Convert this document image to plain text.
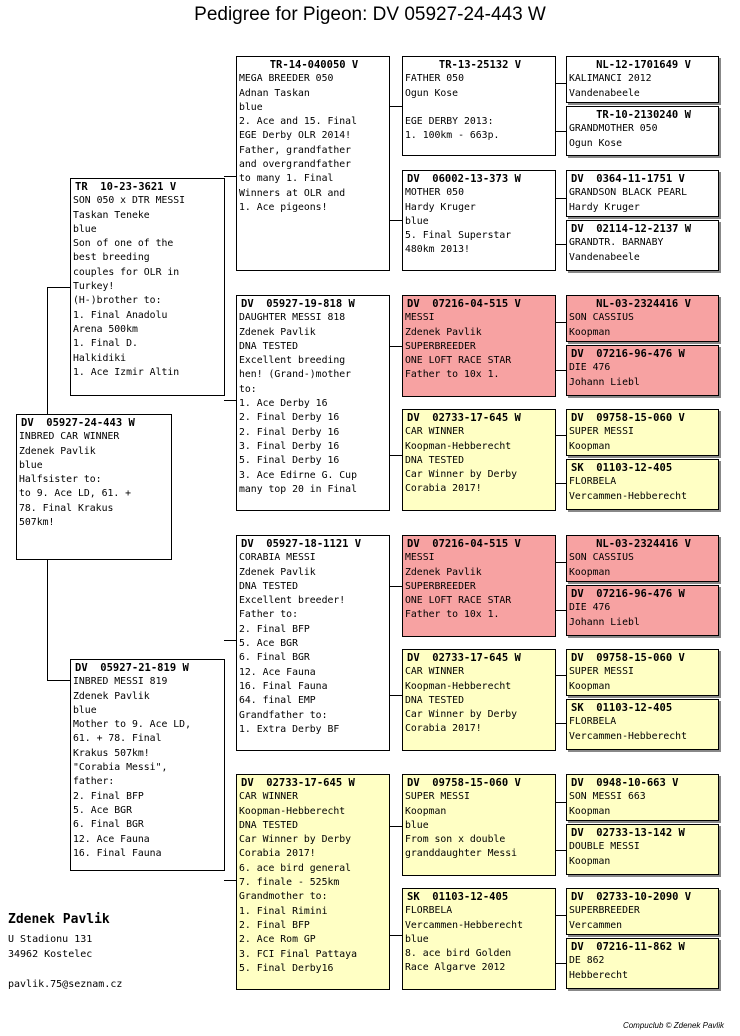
Pedigree for Pigeon: DV 05927-24-443 W
DV  05927-24-443 W
INBRED CAR WINNER
Zdenek Pavlik
blue
Halfsister to:
to 9. Ace LD, 61. +
78. Final Krakus
507km!
TR  10-23-3621 V
SON 050 x DTR MESSI
Taskan Teneke
blue
Son of one of the
best breeding
couples for OLR in
Turkey!
(H-)brother to:
1. Final Anadolu
Arena 500km
1. Final D.
Halkidiki
1. Ace Izmir Altin
DV  05927-21-819 W
INBRED MESSI 819
Zdenek Pavlik
blue
Mother to 9. Ace LD,
61. + 78. Final
Krakus 507km!
"Corabia Messi",
father:
2. Final BFP
5. Ace BGR
6. Final BGR
12. Ace Fauna
16. Final Fauna
TR-14-040050 V
MEGA BREEDER 050
Adnan Taskan
blue
2. Ace and 15. Final
EGE Derby OLR 2014!
Father, grandfather
and overgrandfather
to many 1. Final
Winners at OLR and
1. Ace pigeons!
DV  05927-19-818 W
DAUGHTER MESSI 818
Zdenek Pavlik
DNA TESTED
Excellent breeding
hen! (Grand-)mother
to:
1. Ace Derby 16
2. Final Derby 16
2. Final Derby 16
3. Final Derby 16
5. Final Derby 16
3. Ace Edirne G. Cup
many top 20 in Final
DV  05927-18-1121 V
CORABIA MESSI
Zdenek Pavlik
DNA TESTED
Excellent breeder!
Father to:
2. Final BFP
5. Ace BGR
6. Final BGR
12. Ace Fauna
16. Final Fauna
64. final EMP
Grandfather to:
1. Extra Derby BF
DV  02733-17-645 W
CAR WINNER
Koopman-Hebberecht
DNA TESTED
Car Winner by Derby
Corabia 2017!
6. ace bird general
7. finale - 525km
Grandmother to:
1. Final Rimini
2. Final BFP
2. Ace Rom GP
3. FCI Final Pattaya
5. Final Derby16
TR-13-25132 V
FATHER 050
Ogun Kose

EGE DERBY 2013:
1. 100km - 663p.
DV  06002-13-373 W
MOTHER 050
Hardy Kruger
blue
5. Final Superstar
480km 2013!
DV  07216-04-515 V
MESSI
Zdenek Pavlik
SUPERBREEDER
ONE LOFT RACE STAR
Father to 10x 1.
DV  02733-17-645 W
CAR WINNER
Koopman-Hebberecht
DNA TESTED
Car Winner by Derby
Corabia 2017!
DV  07216-04-515 V
MESSI
Zdenek Pavlik
SUPERBREEDER
ONE LOFT RACE STAR
Father to 10x 1.
DV  02733-17-645 W
CAR WINNER
Koopman-Hebberecht
DNA TESTED
Car Winner by Derby
Corabia 2017!
DV  09758-15-060 V
SUPER MESSI
Koopman
blue
From son x double
granddaughter Messi
SK  01103-12-405
FLORBELA
Vercammen-Hebberecht
blue
8. ace bird Golden
Race Algarve 2012
NL-12-1701649 V
KALIMANCI 2012
Vandenabeele
TR-10-2130240 W
GRANDMOTHER 050
Ogun Kose
DV  0364-11-1751 V
GRANDSON BLACK PEARL
Hardy Kruger
DV  02114-12-2137 W
GRANDTR. BARNABY
Vandenabeele
NL-03-2324416 V
SON CASSIUS
Koopman
DV  07216-96-476 W
DIE 476
Johann Liebl
DV  09758-15-060 V
SUPER MESSI
Koopman
SK  01103-12-405
FLORBELA
Vercammen-Hebberecht
NL-03-2324416 V
SON CASSIUS
Koopman
DV  07216-96-476 W
DIE 476
Johann Liebl
DV  09758-15-060 V
SUPER MESSI
Koopman
SK  01103-12-405
FLORBELA
Vercammen-Hebberecht
DV  0948-10-663 V
SON MESSI 663
Koopman
DV  02733-13-142 W
DOUBLE MESSI
Koopman
DV  02733-10-2090 V
SUPERBREEDER
Vercammen
DV  07216-11-862 W
DE 862
Hebberecht
Zdenek Pavlik
U Stadionu 131
34962 Kostelec
pavlik.75@seznam.cz
Compuclub © Zdenek Pavlik
